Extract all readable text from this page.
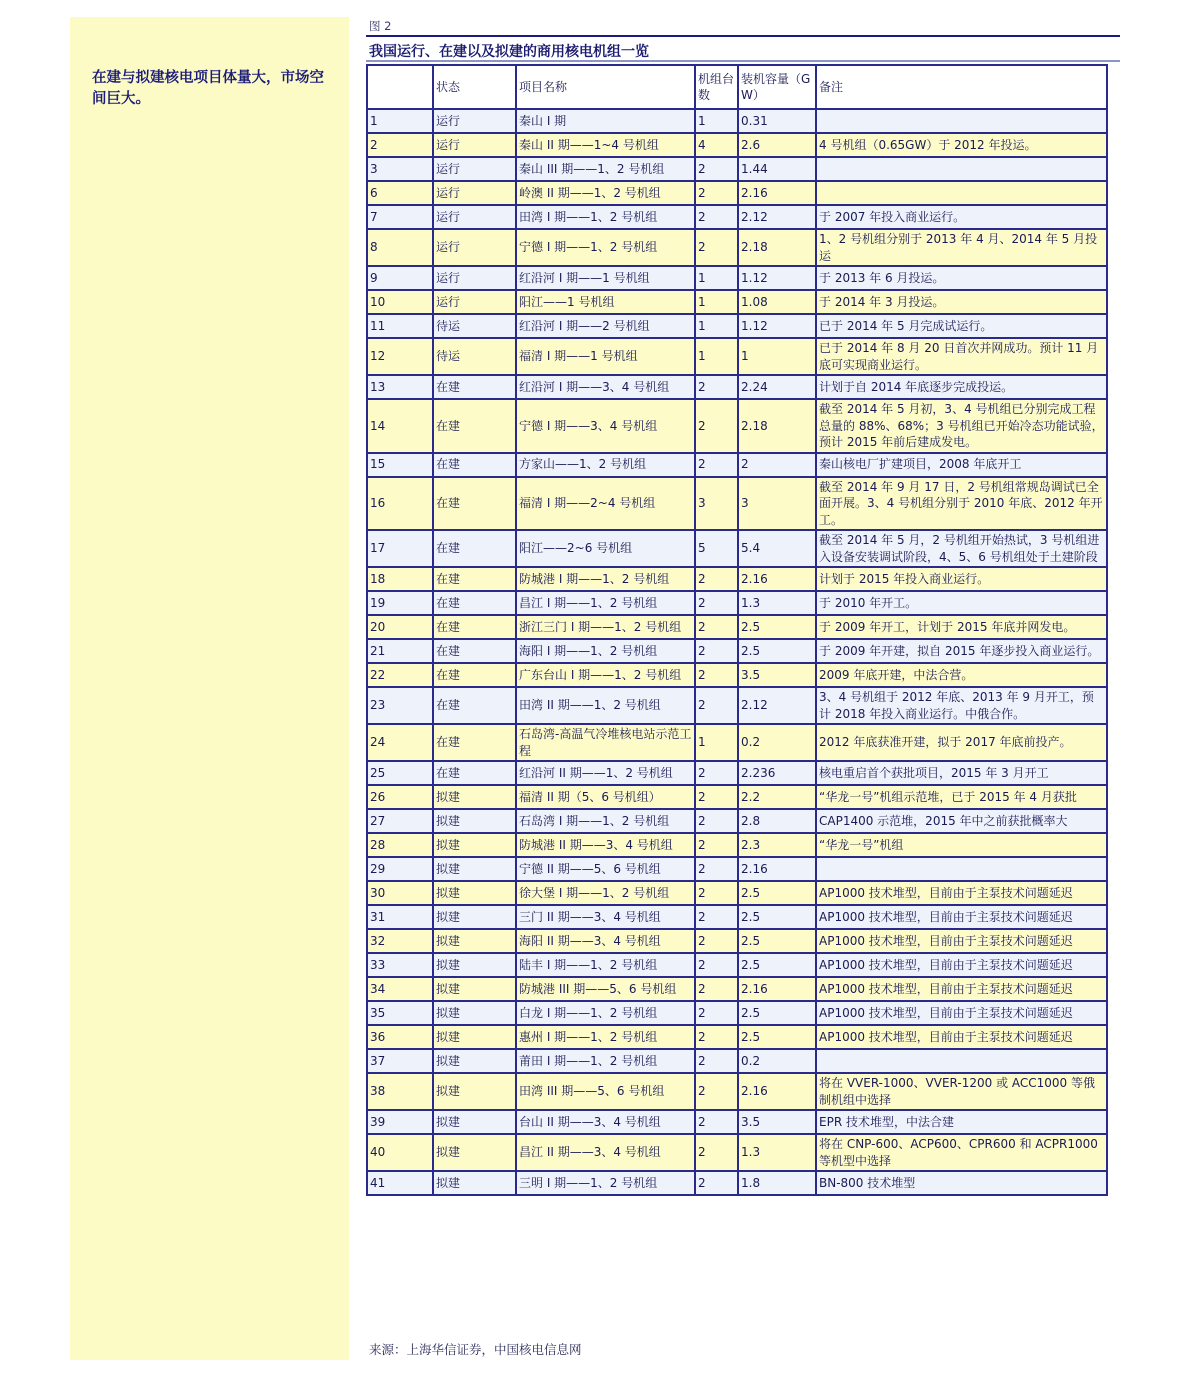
在建与拟建核电项目体量大，市场空间巨大。
图 2
我国运行、在建以及拟建的商用核电机组一览
	状态	项目名称	机组台数	装机容量（GW）	备注
1	运行	秦山 I 期	1	0.31	
2	运行	秦山 II 期——1~4 号机组	4	2.6	4 号机组（0.65GW）于 2012 年投运。
3	运行	秦山 III 期——1、2 号机组	2	1.44	
6	运行	岭澳 II 期——1、2 号机组	2	2.16	
7	运行	田湾 I 期——1、2 号机组	2	2.12	于 2007 年投入商业运行。
8	运行	宁德 I 期——1、2 号机组	2	2.18	1、2 号机组分别于 2013 年 4 月、2014 年 5 月投运
9	运行	红沿河 I 期——1 号机组	1	1.12	于 2013 年 6 月投运。
10	运行	阳江——1 号机组	1	1.08	于 2014 年 3 月投运。
11	待运	红沿河 I 期——2 号机组	1	1.12	已于 2014 年 5 月完成试运行。
12	待运	福清 I 期——1 号机组	1	1	已于 2014 年 8 月 20 日首次并网成功。预计 11 月底可实现商业运行。
13	在建	红沿河 I 期——3、4 号机组	2	2.24	计划于自 2014 年底逐步完成投运。
14	在建	宁德 I 期——3、4 号机组	2	2.18	截至 2014 年 5 月初，3、4 号机组已分别完成工程总量的 88%、68%；3 号机组已开始冷态功能试验，预计 2015 年前后建成发电。
15	在建	方家山——1、2 号机组	2	2	秦山核电厂扩建项目，2008 年底开工
16	在建	福清 I 期——2~4 号机组	3	3	截至 2014 年 9 月 17 日，2 号机组常规岛调试已全面开展。3、4 号机组分别于 2010 年底、2012 年开工。
17	在建	阳江——2~6 号机组	5	5.4	截至 2014 年 5 月，2 号机组开始热试，3 号机组进入设备安装调试阶段，4、5、6 号机组处于土建阶段
18	在建	防城港 I 期——1、2 号机组	2	2.16	计划于 2015 年投入商业运行。
19	在建	昌江 I 期——1、2 号机组	2	1.3	于 2010 年开工。
20	在建	浙江三门 I 期——1、2 号机组	2	2.5	于 2009 年开工，计划于 2015 年底并网发电。
21	在建	海阳 I 期——1、2 号机组	2	2.5	于 2009 年开建，拟自 2015 年逐步投入商业运行。
22	在建	广东台山 I 期——1、2 号机组	2	3.5	2009 年底开建，中法合营。
23	在建	田湾 II 期——1、2 号机组	2	2.12	3、4 号机组于 2012 年底、2013 年 9 月开工，预计 2018 年投入商业运行。中俄合作。
24	在建	石岛湾-高温气冷堆核电站示范工程	1	0.2	2012 年底获准开建，拟于 2017 年底前投产。
25	在建	红沿河 II 期——1、2 号机组	2	2.236	核电重启首个获批项目，2015 年 3 月开工
26	拟建	福清 II 期（5、6 号机组）	2	2.2	“华龙一号”机组示范堆，已于 2015 年 4 月获批
27	拟建	石岛湾 I 期——1、2 号机组	2	2.8	CAP1400 示范堆，2015 年中之前获批概率大
28	拟建	防城港 II 期——3、4 号机组	2	2.3	“华龙一号”机组
29	拟建	宁德 II 期——5、6 号机组	2	2.16	
30	拟建	徐大堡 I 期——1、2 号机组	2	2.5	AP1000 技术堆型，目前由于主泵技术问题延迟
31	拟建	三门 II 期——3、4 号机组	2	2.5	AP1000 技术堆型，目前由于主泵技术问题延迟
32	拟建	海阳 II 期——3、4 号机组	2	2.5	AP1000 技术堆型，目前由于主泵技术问题延迟
33	拟建	陆丰 I 期——1、2 号机组	2	2.5	AP1000 技术堆型，目前由于主泵技术问题延迟
34	拟建	防城港 III 期——5、6 号机组	2	2.16	AP1000 技术堆型，目前由于主泵技术问题延迟
35	拟建	白龙 I 期——1、2 号机组	2	2.5	AP1000 技术堆型，目前由于主泵技术问题延迟
36	拟建	惠州 I 期——1、2 号机组	2	2.5	AP1000 技术堆型，目前由于主泵技术问题延迟
37	拟建	莆田 I 期——1、2 号机组	2	0.2	
38	拟建	田湾 III 期——5、6 号机组	2	2.16	将在 VVER-1000、VVER-1200 或 ACC1000 等俄制机组中选择
39	拟建	台山 II 期——3、4 号机组	2	3.5	EPR 技术堆型，中法合建
40	拟建	昌江 II 期——3、4 号机组	2	1.3	将在 CNP-600、ACP600、CPR600 和 ACPR1000 等机型中选择
41	拟建	三明 I 期——1、2 号机组	2	1.8	BN-800 技术堆型
来源：上海华信证券，中国核电信息网
